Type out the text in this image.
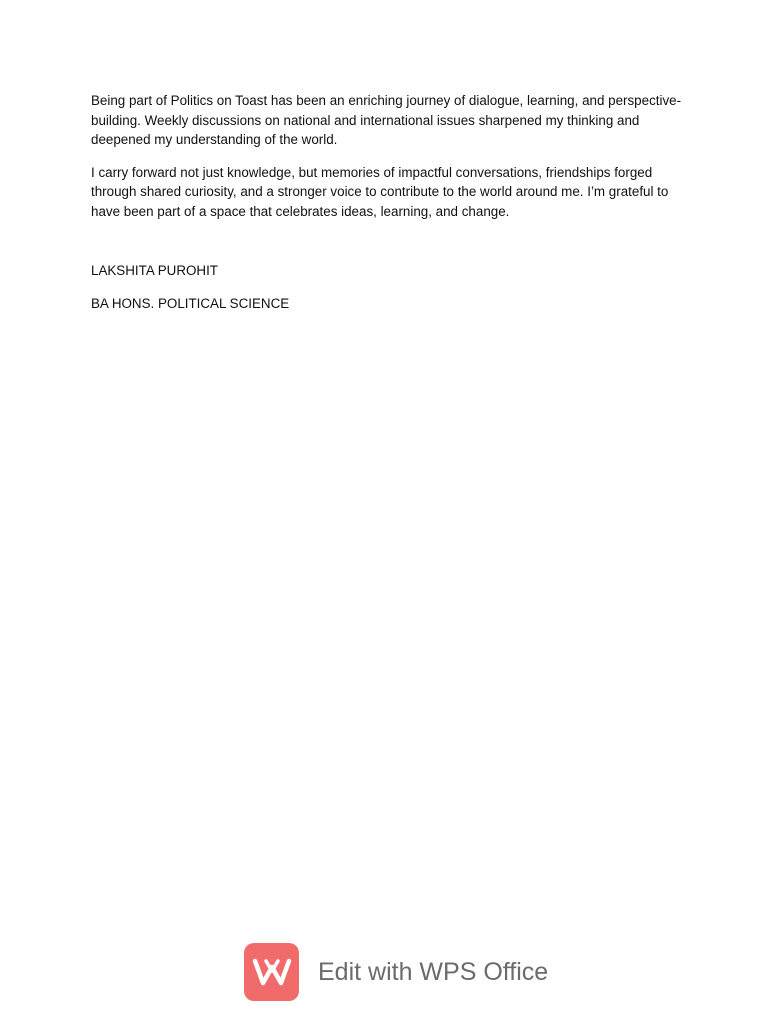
Being part of Politics on Toast has been an enriching journey of dialogue, learning, and perspective-building. Weekly discussions on national and international issues sharpened my thinking and deepened my understanding of the world.

I carry forward not just knowledge, but memories of impactful conversations, friendships forged through shared curiosity, and a stronger voice to contribute to the world around me. I’m grateful to have been part of a space that celebrates ideas, learning, and change.

LAKSHITA PUROHIT

BA HONS. POLITICAL SCIENCE

Edit with WPS Office
